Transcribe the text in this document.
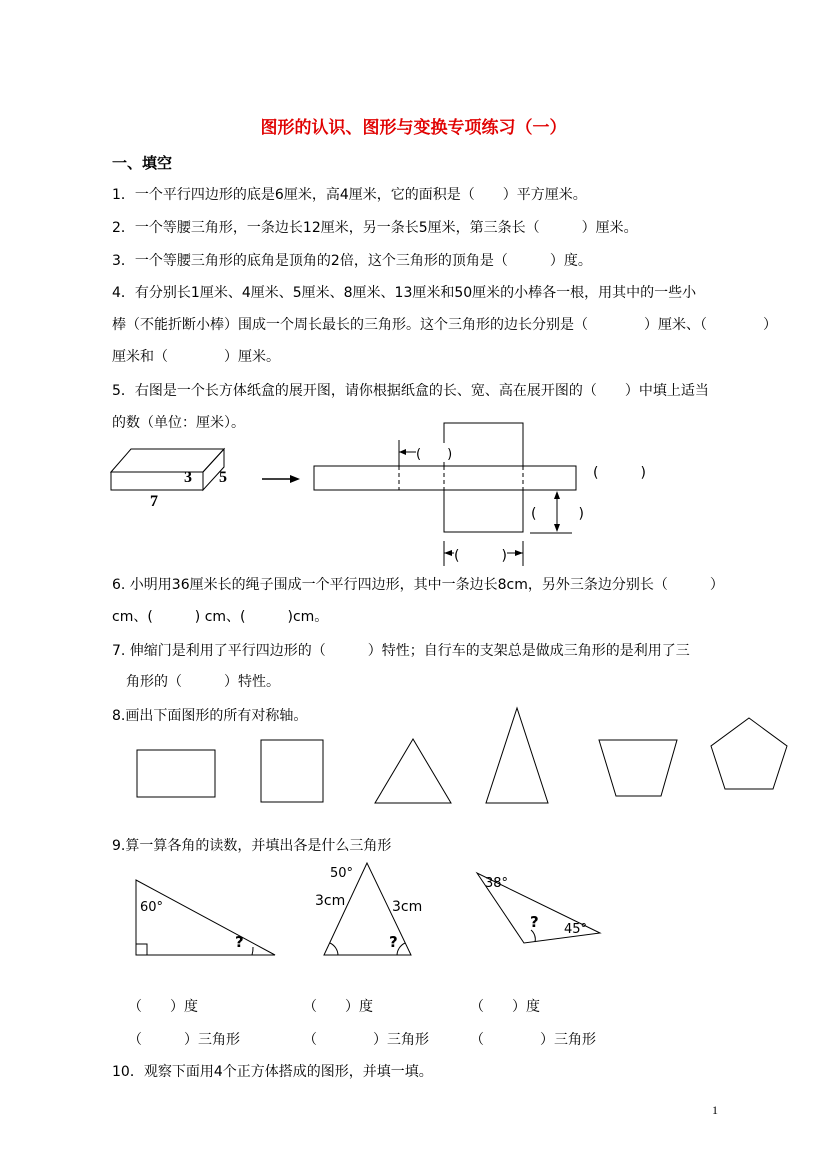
图形的认识、图形与变换专项练习（一）
一、填空
1．一个平行四边形的底是6厘米，高4厘米，它的面积是（　　）平方厘米。
2．一个等腰三角形，一条边长12厘米，另一条长5厘米，第三条长（　　　）厘米。
3．一个等腰三角形的底角是顶角的2倍，这个三角形的顶角是（　　　）度。
4．有分别长1厘米、4厘米、5厘米、8厘米、13厘米和50厘米的小棒各一根，用其中的一些小
棒（不能折断小棒）围成一个周长最长的三角形。这个三角形的边长分别是（　　　　）厘米、（　　　　）
厘米和（　　　　）厘米。
5．右图是一个长方体纸盒的展开图，请你根据纸盒的长、宽、高在展开图的（　　）中填上适当
的数（单位：厘米）。
3 5
7
(　　)
(　　　)
(　　　)
(　　　)
6. 小明用36厘米长的绳子围成一个平行四边形，其中一条边长8cm，另外三条边分别长（　　　）
cm、(　　　) cm、(　　　)cm。
7. 伸缩门是利用了平行四边形的（　　　）特性；自行车的支架总是做成三角形的是利用了三
角形的（　　　）特性。
8.画出下面图形的所有对称轴。
9.算一算各角的读数，并填出各是什么三角形
60°
?
50°
3cm	3cm
?
38°
45°
?
（　　）度	（　　）度	（　　）度
（　　　）三角形	（　　　　）三角形	（　　　　）三角形
10．观察下面用4个正方体搭成的图形，并填一填。
1
